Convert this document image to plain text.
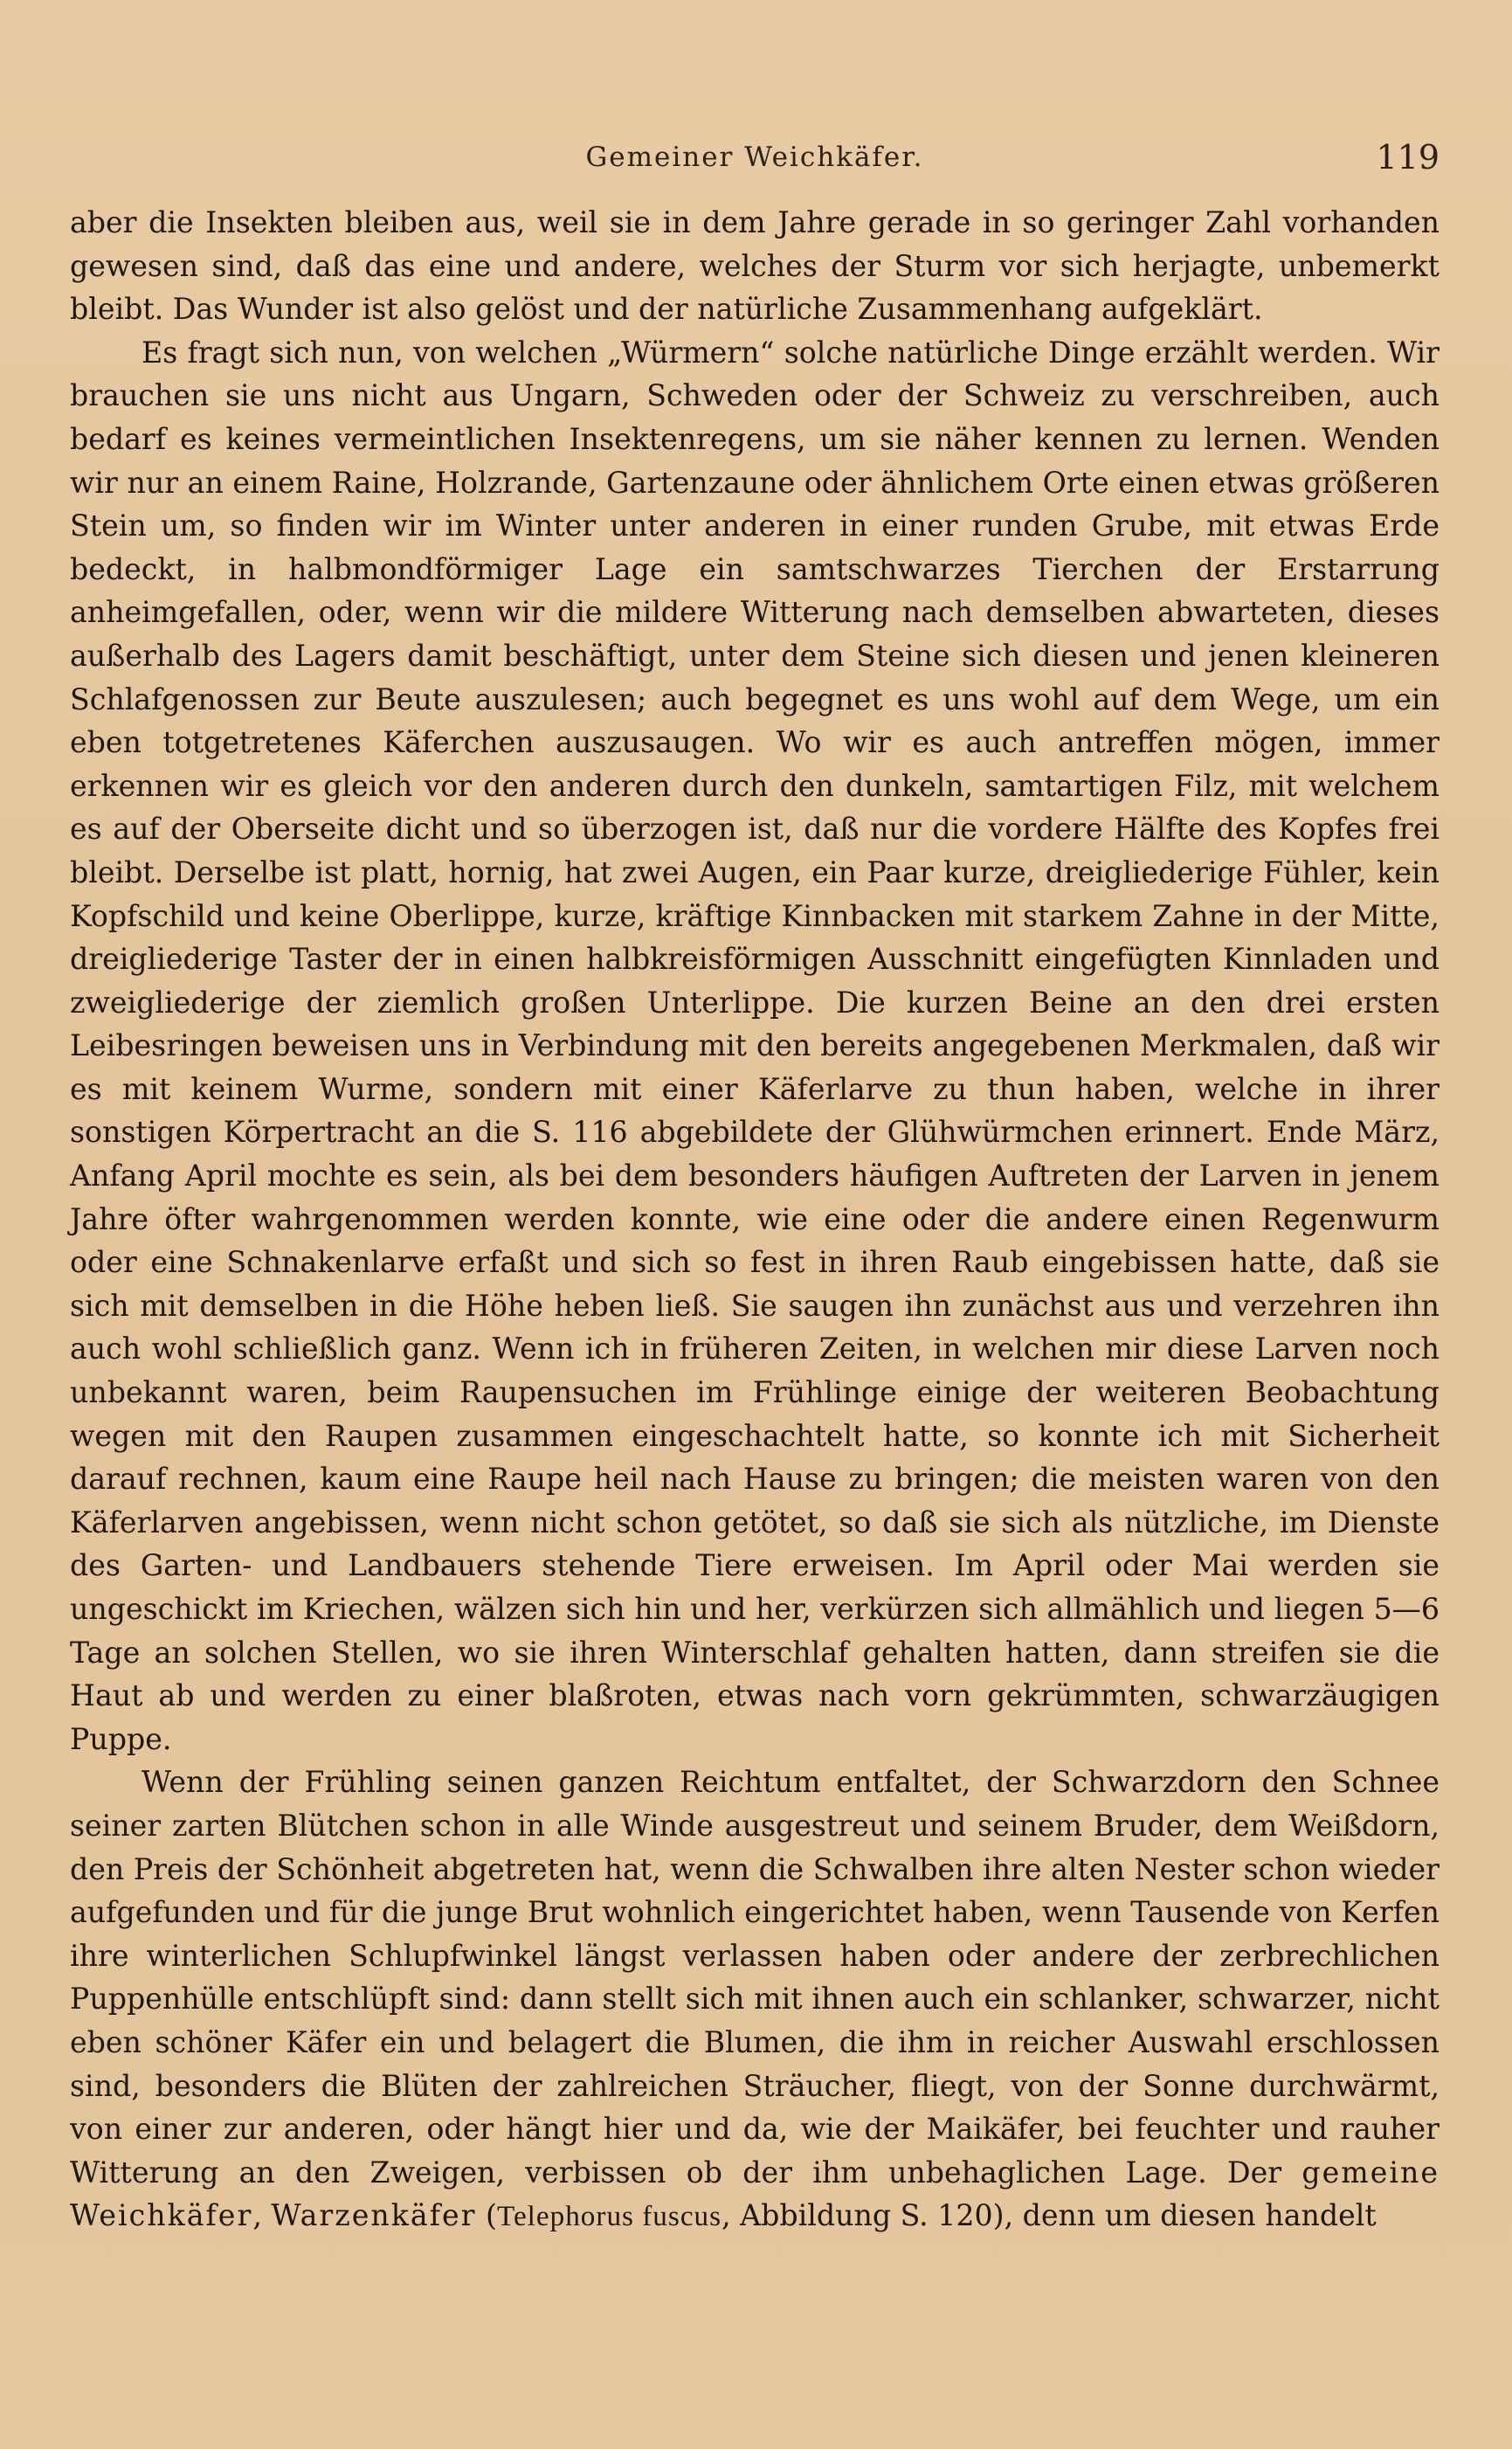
Gemeiner Weichkäfer.	119

aber die Insekten bleiben aus, weil sie in dem Jahre gerade in so geringer Zahl vorhanden gewesen sind, daß das eine und andere, welches der Sturm vor sich herjagte, unbemerkt bleibt. Das Wunder ist also gelöst und der natürliche Zusammenhang aufgeklärt.

Es fragt sich nun, von welchen „Würmern“ solche natürliche Dinge erzählt werden. Wir brauchen sie uns nicht aus Ungarn, Schweden oder der Schweiz zu verschreiben, auch bedarf es keines vermeintlichen Insektenregens, um sie näher kennen zu lernen. Wenden wir nur an einem Raine, Holzrande, Gartenzaune oder ähnlichem Orte einen etwas größeren Stein um, so finden wir im Winter unter anderen in einer runden Grube, mit etwas Erde bedeckt, in halbmondförmiger Lage ein samtschwarzes Tierchen der Erstarrung anheimgefallen, oder, wenn wir die mildere Witterung nach demselben abwarteten, dieses außerhalb des Lagers damit beschäftigt, unter dem Steine sich diesen und jenen kleineren Schlafgenossen zur Beute auszulesen; auch begegnet es uns wohl auf dem Wege, um ein eben totgetretenes Käferchen auszusaugen. Wo wir es auch antreffen mögen, immer erkennen wir es gleich vor den anderen durch den dunkeln, samtartigen Filz, mit welchem es auf der Oberseite dicht und so überzogen ist, daß nur die vordere Hälfte des Kopfes frei bleibt. Derselbe ist platt, hornig, hat zwei Augen, ein Paar kurze, dreigliederige Fühler, kein Kopfschild und keine Oberlippe, kurze, kräftige Kinnbacken mit starkem Zahne in der Mitte, dreigliederige Taster der in einen halbkreisförmigen Ausschnitt eingefügten Kinnladen und zweigliederige der ziemlich großen Unterlippe. Die kurzen Beine an den drei ersten Leibesringen beweisen uns in Verbindung mit den bereits angegebenen Merkmalen, daß wir es mit keinem Wurme, sondern mit einer Käferlarve zu thun haben, welche in ihrer sonstigen Körpertracht an die S. 116 abgebildete der Glühwürmchen erinnert. Ende März, Anfang April mochte es sein, als bei dem besonders häufigen Auftreten der Larven in jenem Jahre öfter wahrgenommen werden konnte, wie eine oder die andere einen Regenwurm oder eine Schnakenlarve erfaßt und sich so fest in ihren Raub eingebissen hatte, daß sie sich mit demselben in die Höhe heben ließ. Sie saugen ihn zunächst aus und verzehren ihn auch wohl schließlich ganz. Wenn ich in früheren Zeiten, in welchen mir diese Larven noch unbekannt waren, beim Raupensuchen im Frühlinge einige der weiteren Beobachtung wegen mit den Raupen zusammen eingeschachtelt hatte, so konnte ich mit Sicherheit darauf rechnen, kaum eine Raupe heil nach Hause zu bringen; die meisten waren von den Käferlarven angebissen, wenn nicht schon getötet, so daß sie sich als nützliche, im Dienste des Garten- und Landbauers stehende Tiere erweisen. Im April oder Mai werden sie ungeschickt im Kriechen, wälzen sich hin und her, verkürzen sich allmählich und liegen 5—6 Tage an solchen Stellen, wo sie ihren Winterschlaf gehalten hatten, dann streifen sie die Haut ab und werden zu einer blaßroten, etwas nach vorn gekrümmten, schwarzäugigen Puppe.

Wenn der Frühling seinen ganzen Reichtum entfaltet, der Schwarzdorn den Schnee seiner zarten Blütchen schon in alle Winde ausgestreut und seinem Bruder, dem Weißdorn, den Preis der Schönheit abgetreten hat, wenn die Schwalben ihre alten Nester schon wieder aufgefunden und für die junge Brut wohnlich eingerichtet haben, wenn Tausende von Kerfen ihre winterlichen Schlupfwinkel längst verlassen haben oder andere der zerbrechlichen Puppenhülle entschlüpft sind: dann stellt sich mit ihnen auch ein schlanker, schwarzer, nicht eben schöner Käfer ein und belagert die Blumen, die ihm in reicher Auswahl erschlossen sind, besonders die Blüten der zahlreichen Sträucher, fliegt, von der Sonne durchwärmt, von einer zur anderen, oder hängt hier und da, wie der Maikäfer, bei feuchter und rauher Witterung an den Zweigen, verbissen ob der ihm unbehaglichen Lage. Der gemeine Weichkäfer, Warzenkäfer (Telephorus fuscus, Abbildung S. 120), denn um diesen handelt
